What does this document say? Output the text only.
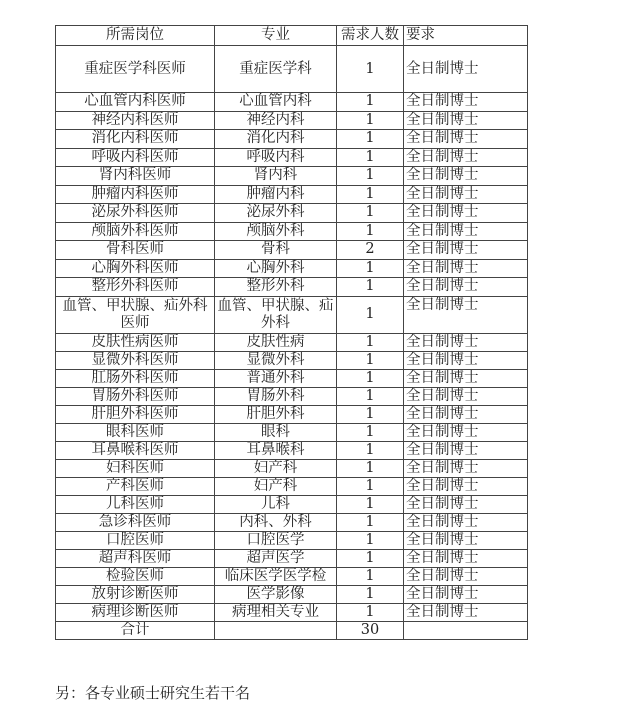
所需岗位	专业	需求人数	要求
重症医学科医师	重症医学科	1	全日制博士
心血管内科医师	心血管内科	1	全日制博士
神经内科医师	神经内科	1	全日制博士
消化内科医师	消化内科	1	全日制博士
呼吸内科医师	呼吸内科	1	全日制博士
肾内科医师	肾内科	1	全日制博士
肿瘤内科医师	肿瘤内科	1	全日制博士
泌尿外科医师	泌尿外科	1	全日制博士
颅脑外科医师	颅脑外科	1	全日制博士
骨科医师	骨科	2	全日制博士
心胸外科医师	心胸外科	1	全日制博士
整形外科医师	整形外科	1	全日制博士
血管、甲状腺、疝外科医师	血管、甲状腺、疝外科	1	全日制博士
皮肤性病医师	皮肤性病	1	全日制博士
显微外科医师	显微外科	1	全日制博士
肛肠外科医师	普通外科	1	全日制博士
胃肠外科医师	胃肠外科	1	全日制博士
肝胆外科医师	肝胆外科	1	全日制博士
眼科医师	眼科	1	全日制博士
耳鼻喉科医师	耳鼻喉科	1	全日制博士
妇科医师	妇产科	1	全日制博士
产科医师	妇产科	1	全日制博士
儿科医师	儿科	1	全日制博士
急诊科医师	内科、外科	1	全日制博士
口腔医师	口腔医学	1	全日制博士
超声科医师	超声医学	1	全日制博士
检验医师	临床医学医学检	1	全日制博士
放射诊断医师	医学影像	1	全日制博士
病理诊断医师	病理相关专业	1	全日制博士
合计		30	
另：各专业硕士研究生若干名
